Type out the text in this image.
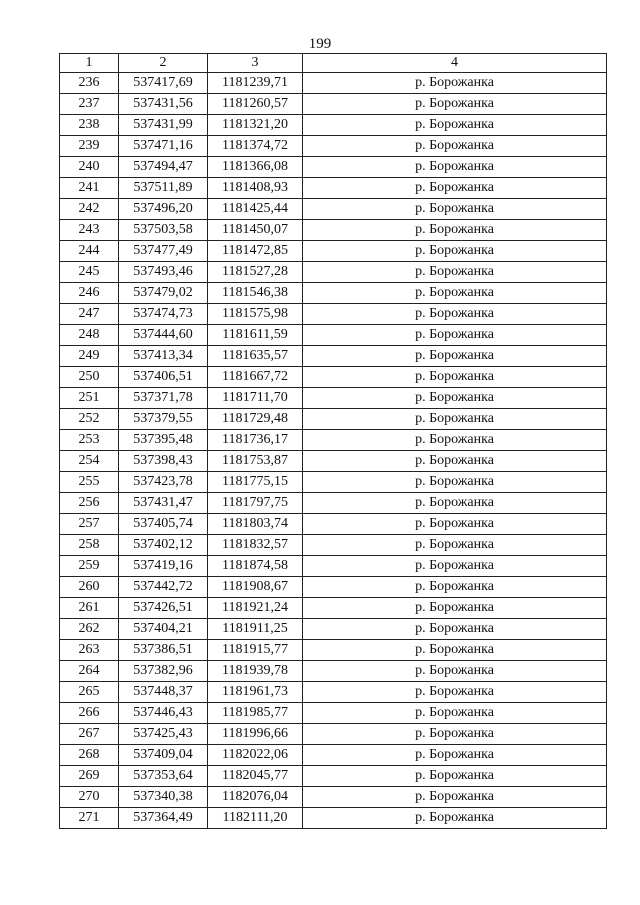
199
1	2	3	4
236	537417,69	1181239,71	р. Борожанка
237	537431,56	1181260,57	р. Борожанка
238	537431,99	1181321,20	р. Борожанка
239	537471,16	1181374,72	р. Борожанка
240	537494,47	1181366,08	р. Борожанка
241	537511,89	1181408,93	р. Борожанка
242	537496,20	1181425,44	р. Борожанка
243	537503,58	1181450,07	р. Борожанка
244	537477,49	1181472,85	р. Борожанка
245	537493,46	1181527,28	р. Борожанка
246	537479,02	1181546,38	р. Борожанка
247	537474,73	1181575,98	р. Борожанка
248	537444,60	1181611,59	р. Борожанка
249	537413,34	1181635,57	р. Борожанка
250	537406,51	1181667,72	р. Борожанка
251	537371,78	1181711,70	р. Борожанка
252	537379,55	1181729,48	р. Борожанка
253	537395,48	1181736,17	р. Борожанка
254	537398,43	1181753,87	р. Борожанка
255	537423,78	1181775,15	р. Борожанка
256	537431,47	1181797,75	р. Борожанка
257	537405,74	1181803,74	р. Борожанка
258	537402,12	1181832,57	р. Борожанка
259	537419,16	1181874,58	р. Борожанка
260	537442,72	1181908,67	р. Борожанка
261	537426,51	1181921,24	р. Борожанка
262	537404,21	1181911,25	р. Борожанка
263	537386,51	1181915,77	р. Борожанка
264	537382,96	1181939,78	р. Борожанка
265	537448,37	1181961,73	р. Борожанка
266	537446,43	1181985,77	р. Борожанка
267	537425,43	1181996,66	р. Борожанка
268	537409,04	1182022,06	р. Борожанка
269	537353,64	1182045,77	р. Борожанка
270	537340,38	1182076,04	р. Борожанка
271	537364,49	1182111,20	р. Борожанка
